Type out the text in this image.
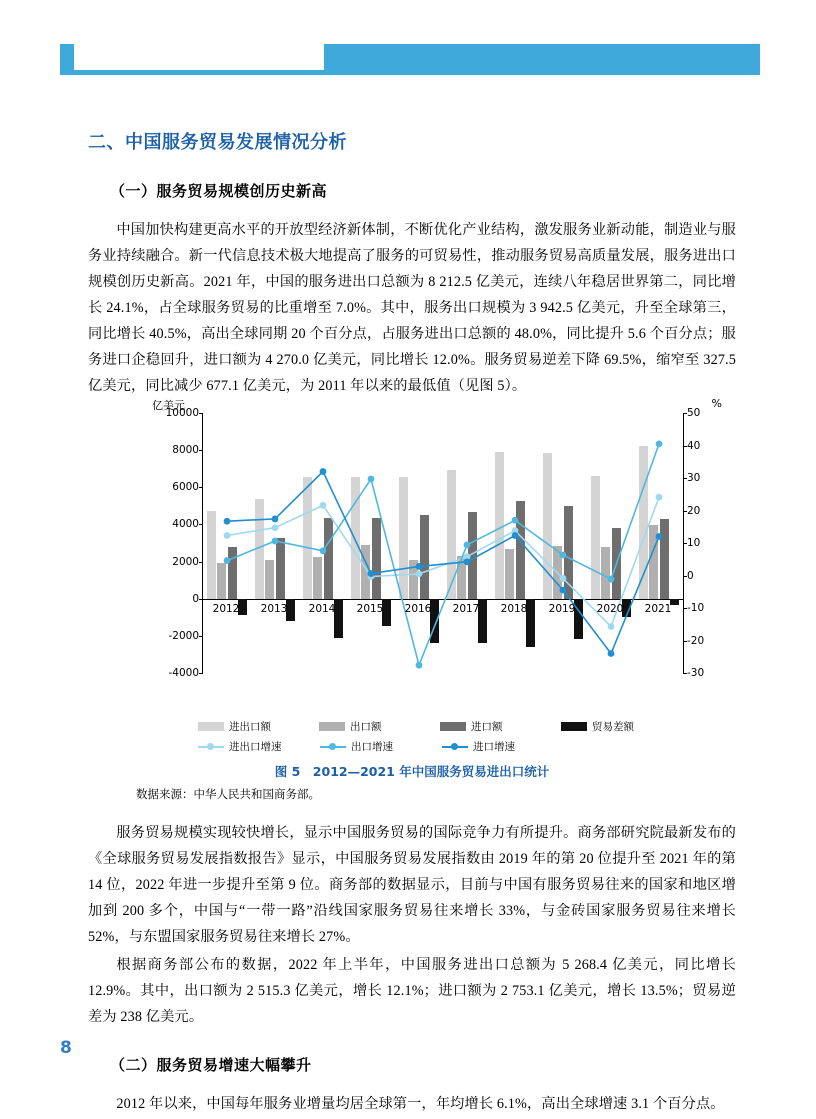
第一部分　总报告
二、中国服务贸易发展情况分析
（一）服务贸易规模创历史新高

中国加快构建更高水平的开放型经济新体制，不断优化产业结构，激发服务业新动能，制造业与服务业持续融合。新一代信息技术极大地提高了服务的可贸易性，推动服务贸易高质量发展，服务进出口规模创历史新高。2021 年，中国的服务进出口总额为 8 212.5 亿美元，连续八年稳居世界第二，同比增长 24.1%，占全球服务贸易的比重增至 7.0%。其中，服务出口规模为 3 942.5 亿美元，升至全球第三，同比增长 40.5%，高出全球同期 20 个百分点，占服务进出口总额的 48.0%，同比提升 5.6 个百分点；服务进口企稳回升，进口额为 4 270.0 亿美元，同比增长 12.0%。服务贸易逆差下降 69.5%，缩窄至 327.5 亿美元，同比减少 677.1 亿美元，为 2011 年以来的最低值（见图 5）。

亿美元	%
-4000
-2000
0
2000
4000
6000
8000
10000
-30
-20
-10
0
10
20
30
40
50
2012 2013 2014 2015 2016 2017 2018 2019 2020 2021
进出口额	出口额	进口额	贸易差额
进出口增速	出口增速	进口增速
图 5　2012—2021 年中国服务贸易进出口统计
数据来源：中华人民共和国商务部。

服务贸易规模实现较快增长，显示中国服务贸易的国际竞争力有所提升。商务部研究院最新发布的《全球服务贸易发展指数报告》显示，中国服务贸易发展指数由 2019 年的第 20 位提升至 2021 年的第 14 位，2022 年进一步提升至第 9 位。商务部的数据显示，目前与中国有服务贸易往来的国家和地区增加到 200 多个，中国与“一带一路”沿线国家服务贸易往来增长 33%，与金砖国家服务贸易往来增长 52%，与东盟国家服务贸易往来增长 27%。

根据商务部公布的数据，2022 年上半年，中国服务进出口总额为 5 268.4 亿美元，同比增长 12.9%。其中，出口额为 2 515.3 亿美元，增长 12.1%；进口额为 2 753.1 亿美元，增长 13.5%；贸易逆差为 238 亿美元。

（二）服务贸易增速大幅攀升

2012 年以来，中国每年服务业增量均居全球第一，年均增长 6.1%，高出全球增速 3.1 个百分点。

8
